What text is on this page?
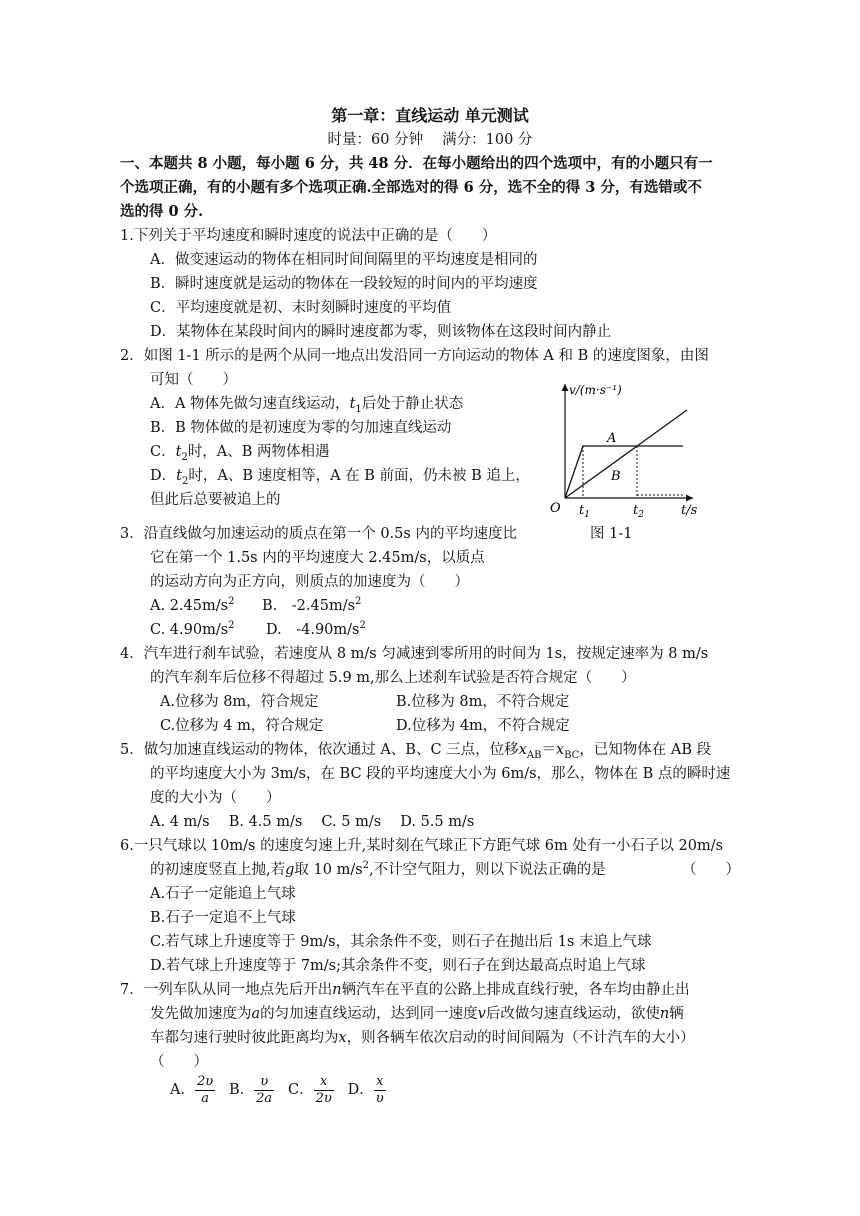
第一章：直线运动 单元测试
时量：60 分钟　 满分：100 分
一、本题共 8 小题，每小题 6 分，共 48 分．在每小题给出的四个选项中，有的小题只有一
个选项正确，有的小题有多个选项正确.全部选对的得 6 分，选不全的得 3 分，有选错或不
选的得 0 分.
1.下列关于平均速度和瞬时速度的说法中正确的是（　　）
A．做变速运动的物体在相同时间间隔里的平均速度是相同的
B．瞬时速度就是运动的物体在一段较短的时间内的平均速度
C．平均速度就是初、末时刻瞬时速度的平均值
D．某物体在某段时间内的瞬时速度都为零，则该物体在这段时间内静止
2．如图 1-1 所示的是两个从同一地点出发沿同一方向运动的物体 A 和 B 的速度图象，由图
可知（　　）
A．A 物体先做匀速直线运动，$t_1$后处于静止状态
B．B 物体做的是初速度为零的匀加速直线运动
C．$t_2$时，A、B 两物体相遇
D．$t_2$时，A、B 速度相等，A 在 B 前面，仍未被 B 追上，
但此后总要被追上的
v/(m·s⁻¹)
A
B
O $t_1$	$t_2$	t/s
3．沿直线做匀加速运动的质点在第一个 0.5s 内的平均速度比	图 1-1
它在第一个 1.5s 内的平均速度大 2.45m/s，以质点
的运动方向为正方向，则质点的加速度为（　　）
A. $2.45m/s^2$ B.　$-2.45m/s^2$
C. $4.90m/s^2$ D.　$-4.90m/s^2$
4．汽车进行刹车试验，若速度从 8 m/s 匀减速到零所用的时间为 1s，按规定速率为 8 m/s
的汽车刹车后位移不得超过 5.9 m,那么上述刹车试验是否符合规定（　　）
A.位移为 8m，符合规定	B.位移为 8m，不符合规定
C.位移为 4 m，符合规定	D.位移为 4m，不符合规定
5．做匀加速直线运动的物体，依次通过 A、B、C 三点，位移$x_{AB}=x_{BC}$，已知物体在 AB 段
的平均速度大小为 3m/s，在 BC 段的平均速度大小为 6m/s，那么，物体在 B 点的瞬时速
度的大小为（　　）
A. 4 m/s　 B. 4.5 m/s　 C. 5 m/s　 D. 5.5 m/s
6.一只气球以 10m/s 的速度匀速上升,某时刻在气球正下方距气球 6m 处有一小石子以 20m/s
的初速度竖直上抛,若g取 10 $m/s^2$,不计空气阻力，则以下说法正确的是	（　　）
A.石子一定能追上气球
B.石子一定追不上气球
C.若气球上升速度等于 9m/s，其余条件不变，则石子在抛出后 1s 末追上气球
D.若气球上升速度等于 7m/s;其余条件不变，则石子在到达最高点时追上气球
7．一列车队从同一地点先后开出n辆汽车在平直的公路上排成直线行驶，各车均由静止出
发先做加速度为a的匀加速直线运动，达到同一速度v后改做匀速直线运动，欲使n辆
车都匀速行驶时彼此距离均为x，则各辆车依次启动的时间间隔为（不计汽车的大小）
（　　）
A． $\frac{2\upsilon}{a}$ B． $\frac{\upsilon}{2a}$ C． $\frac{x}{2\upsilon}$ D． $\frac{x}{\upsilon}$
